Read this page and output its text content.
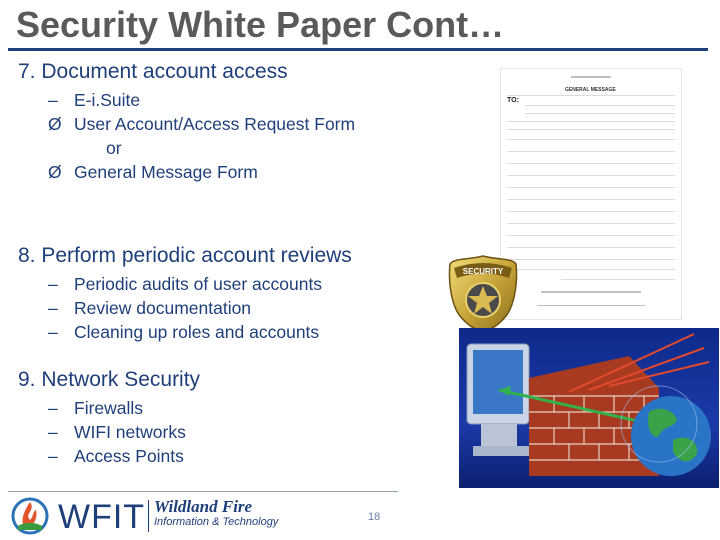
Security White Paper Cont…
7. Document account access
– E-i.Suite
Ø User Account/Access Request Form
or
Ø General Message Form
8. Perform periodic account reviews
– Periodic audits of user accounts
– Review documentation
– Cleaning up roles and accounts
9. Network Security
– Firewalls
– WIFI networks
– Access Points
GENERAL MESSAGE
TO:
SECURITY
WFIT Wildland Fire
Information & Technology	18
